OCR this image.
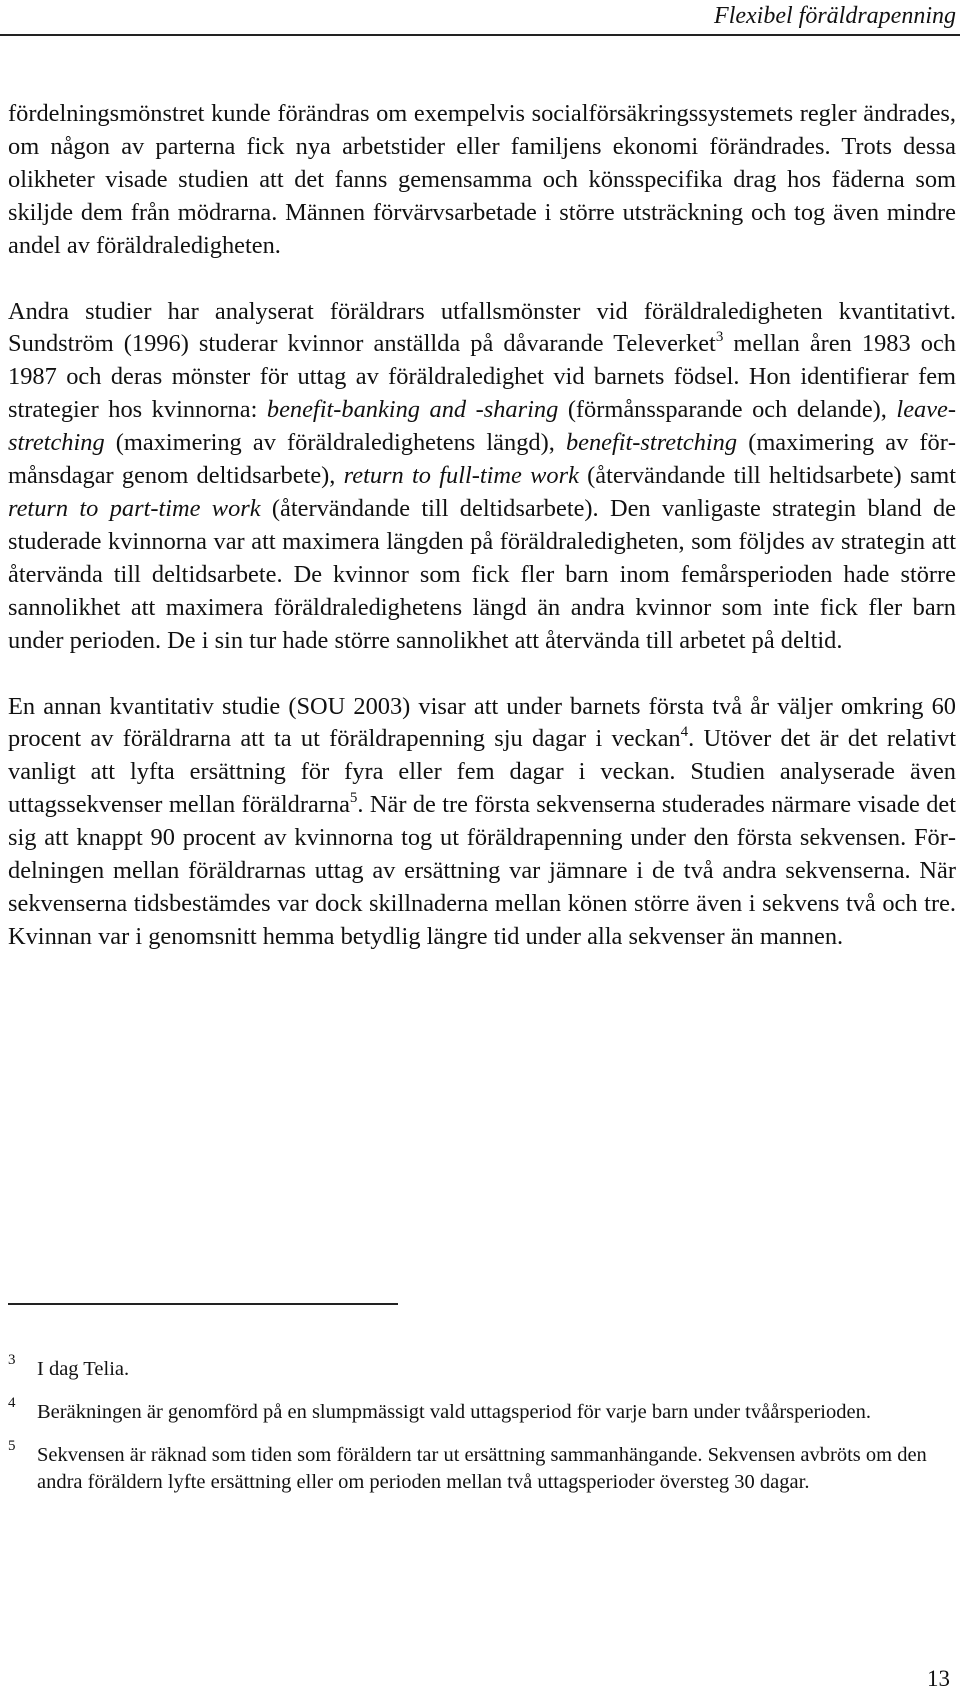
Flexibel föräldrapenning

fördelningsmönstret kunde förändras om exempelvis socialförsäkringssystemets regler ändrades, om någon av parterna fick nya arbetstider eller familjens ekonomi förändrades. Trots dessa olikheter visade studien att det fanns gemensamma och könsspecifika drag hos fäderna som skiljde dem från mödrarna. Männen förvärvsarbetade i större utsträckning och tog även mindre andel av föräldraledigheten.

Andra studier har analyserat föräldrars utfallsmönster vid föräldraledigheten kvantitativt. Sundström (1996) studerar kvinnor anställda på dåvarande Televerket$^3$ mellan åren 1983 och 1987 och deras mönster för uttag av föräldraledighet vid barnets födsel. Hon identifierar fem strategier hos kvinnorna: benefit-banking and -sharing (förmånssparande och delande), leave-stretching (maximering av föräldraledighetens längd), benefit-stretching (maximering av förmånsdagar genom deltidsarbete), return to full-time work (återvändande till heltidsarbete) samt return to part-time work (återvändande till deltidsarbete). Den vanligaste strategin bland de studerade kvinnorna var att maximera längden på föräldraledigheten, som följdes av strategin att återvända till deltidsarbete. De kvinnor som fick fler barn inom femårsperioden hade större sannolikhet att maximera föräldraledighetens längd än andra kvinnor som inte fick fler barn under perioden. De i sin tur hade större sannolikhet att återvända till arbetet på deltid.

En annan kvantitativ studie (SOU 2003) visar att under barnets första två år väljer omkring 60 procent av föräldrarna att ta ut föräldrapenning sju dagar i veckan$^4$. Utöver det är det relativt vanligt att lyfta ersättning för fyra eller fem dagar i veckan. Studien analyserade även uttagssekvenser mellan föräldrarna$^5$. När de tre första sekvenserna studerades närmare visade det sig att knappt 90 procent av kvinnorna tog ut föräldrapenning under den första sekvensen. Fördelningen mellan föräldrarnas uttag av ersättning var jämnare i de två andra sekvenserna. När sekvenserna tidsbestämdes var dock skillnaderna mellan könen större även i sekvens två och tre. Kvinnan var i genomsnitt hemma betydlig längre tid under alla sekvenser än mannen.

3 I dag Telia.
4 Beräkningen är genomförd på en slumpmässigt vald uttagsperiod för varje barn under tvåårsperioden.
5 Sekvensen är räknad som tiden som föräldern tar ut ersättning sammanhängande. Sekvensen avbröts om den andra föräldern lyfte ersättning eller om perioden mellan två uttagsperioder översteg 30 dagar.
13
